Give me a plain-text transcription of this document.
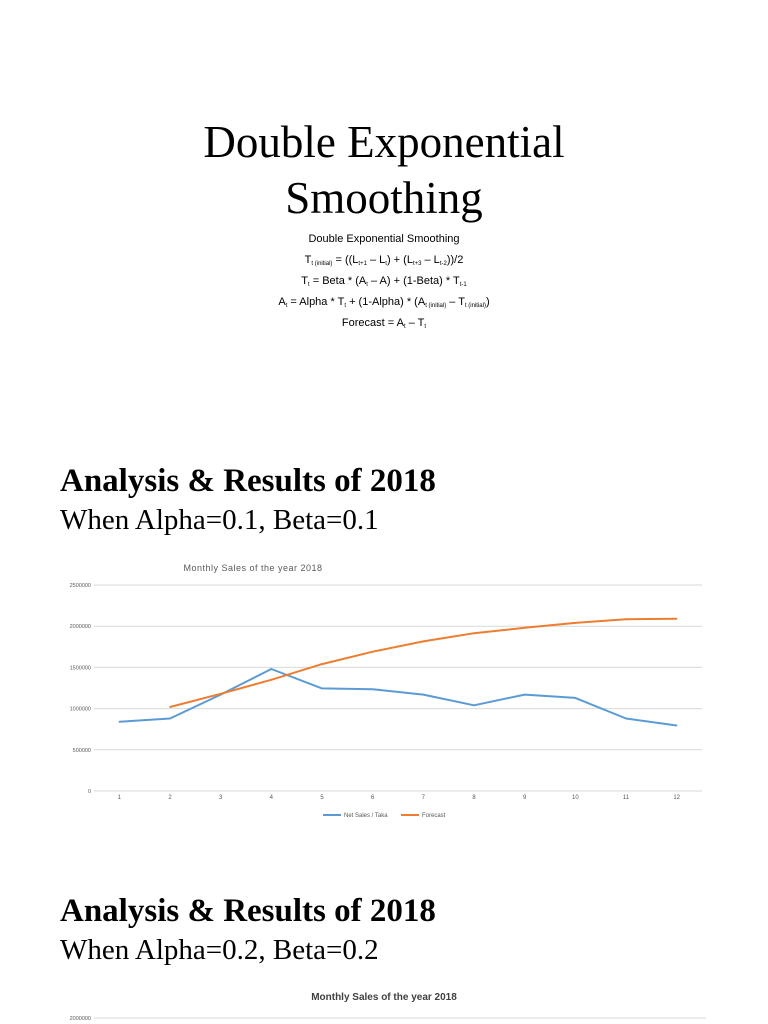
Double Exponential
Smoothing
Double Exponential Smoothing
$T_{t (initial)} = ((L_{t+1} - L_t) + (L_{t+3} - L_{t-2}))/2$
$T_t$ = Beta * $(A_t - A)$ + (1-Beta) * $T_{t-1}$
$A_t$ = Alpha * $T_t$ + (1-Alpha) * $(A_{t (initial)} - T_{t (initial)})$
Forecast = $A_t - T_t$
Analysis & Results of 2018
When Alpha=0.1, Beta=0.1
Monthly Sales of the year 2018
0
500000
1000000
1500000
2000000
2500000
1	2	3	4	5	6	7	8	9	10	11	12
Net Sales / Taka	Forecast
Analysis & Results of 2018
When Alpha=0.2, Beta=0.2
Monthly Sales of the year 2018
2000000
